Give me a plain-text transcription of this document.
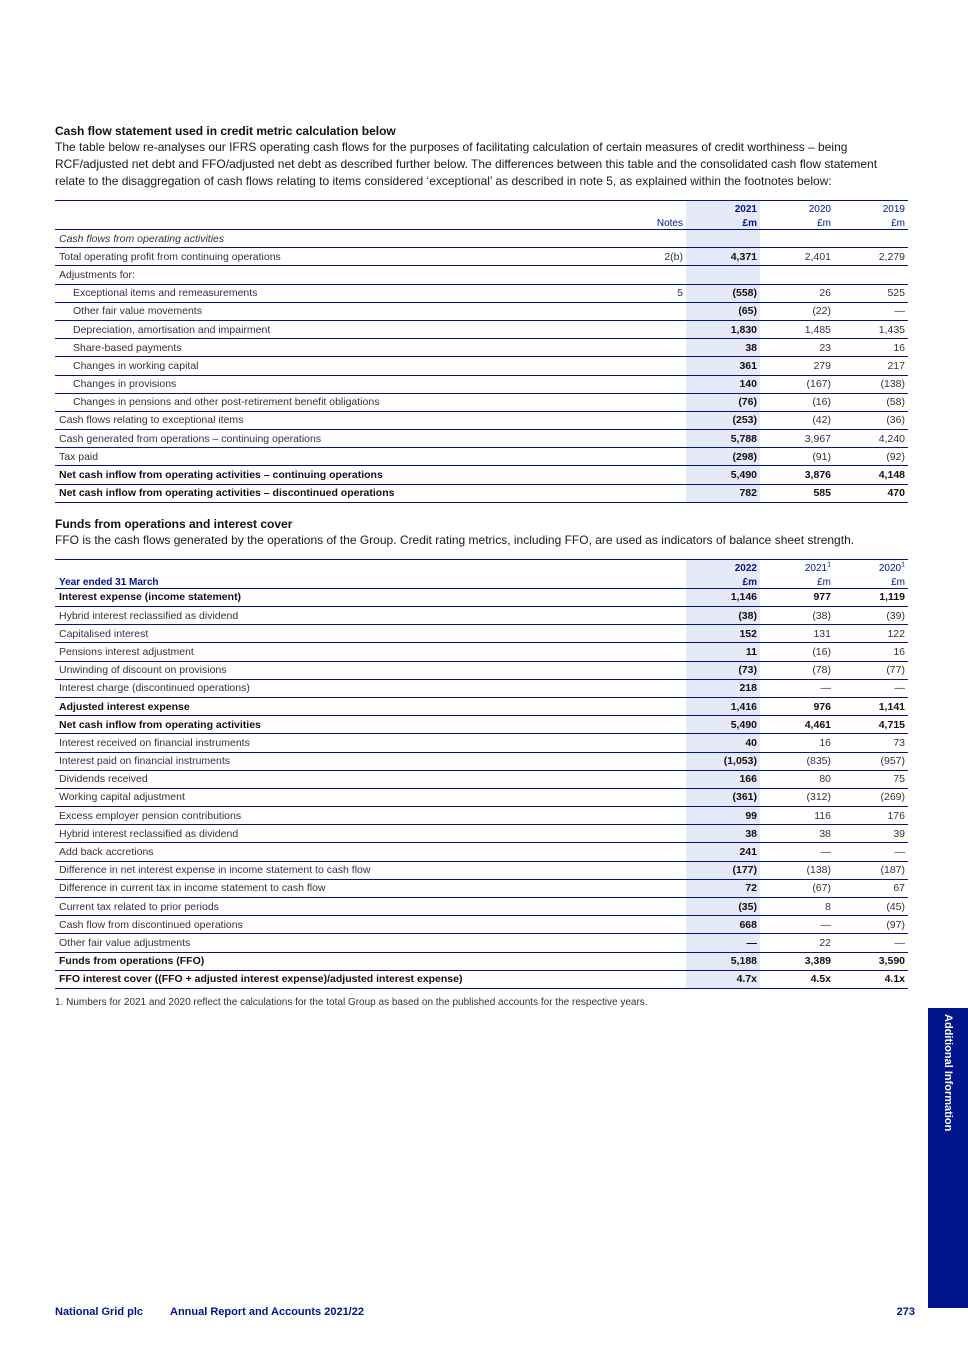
Cash flow statement used in credit metric calculation below

The table below re-analyses our IFRS operating cash flows for the purposes of facilitating calculation of certain measures of credit worthiness – being RCF/adjusted net debt and FFO/adjusted net debt as described further below. The differences between this table and the consolidated cash flow statement relate to the disaggregation of cash flows relating to items considered ‘exceptional’ as described in note 5, as explained within the footnotes below:

		2021	2020	2019
	Notes	£m	£m	£m
Cash flows from operating activities				
Total operating profit from continuing operations	2(b)	4,371	2,401	2,279
Adjustments for:				
Exceptional items and remeasurements	5	(558)	26	525
Other fair value movements		(65)	(22)	—
Depreciation, amortisation and impairment		1,830	1,485	1,435
Share-based payments		38	23	16
Changes in working capital		361	279	217
Changes in provisions		140	(167)	(138)
Changes in pensions and other post-retirement benefit obligations		(76)	(16)	(58)
Cash flows relating to exceptional items		(253)	(42)	(36)
Cash generated from operations – continuing operations		5,788	3,967	4,240
Tax paid		(298)	(91)	(92)
Net cash inflow from operating activities – continuing operations		5,490	3,876	4,148
Net cash inflow from operating activities – discontinued operations		782	585	470
Funds from operations and interest cover

FFO is the cash flows generated by the operations of the Group. Credit rating metrics, including FFO, are used as indicators of balance sheet strength.

		2022	2021$^1$	2020$^1$
Year ended 31 March		£m	£m	£m
Interest expense (income statement)		1,146	977	1,119
Hybrid interest reclassified as dividend		(38)	(38)	(39)
Capitalised interest		152	131	122
Pensions interest adjustment		11	(16)	16
Unwinding of discount on provisions		(73)	(78)	(77)
Interest charge (discontinued operations)		218	—	—
Adjusted interest expense		1,416	976	1,141
Net cash inflow from operating activities		5,490	4,461	4,715
Interest received on financial instruments		40	16	73
Interest paid on financial instruments		(1,053)	(835)	(957)
Dividends received		166	80	75
Working capital adjustment		(361)	(312)	(269)
Excess employer pension contributions		99	116	176
Hybrid interest reclassified as dividend		38	38	39
Add back accretions		241	—	—
Difference in net interest expense in income statement to cash flow		(177)	(138)	(187)
Difference in current tax in income statement to cash flow		72	(67)	67
Current tax related to prior periods		(35)	8	(45)
Cash flow from discontinued operations		668	—	(97)
Other fair value adjustments		—	22	—
Funds from operations (FFO)		5,188	3,389	3,590
FFO interest cover ((FFO + adjusted interest expense)/adjusted interest expense)		4.7x	4.5x	4.1x
1. Numbers for 2021 and 2020 reflect the calculations for the total Group as based on the published accounts for the respective years.
Additional Information
National Grid plc Annual Report and Accounts 2021/22	273
